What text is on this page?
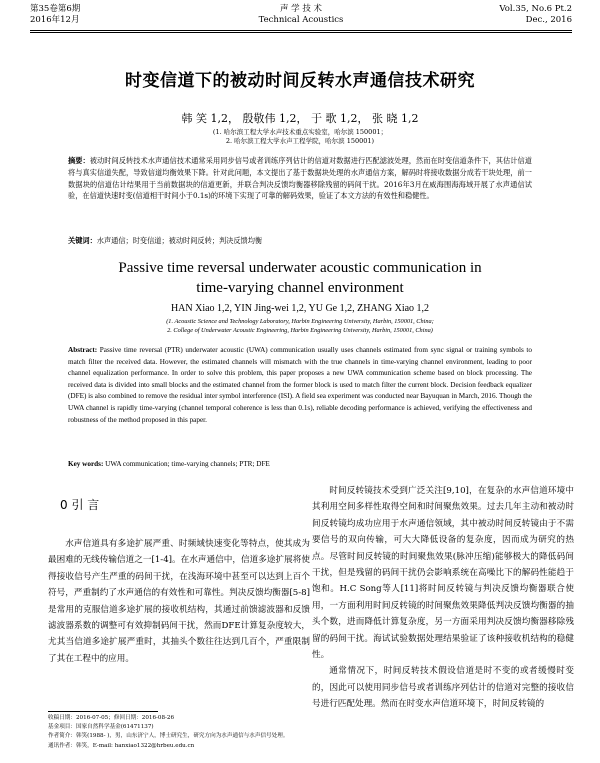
第35卷第6期
2016年12月
声 学 技 术
Technical Acoustics
Vol.35, No.6 Pt.2
Dec., 2016
时变信道下的被动时间反转水声通信技术研究
韩 笑 1,2， 殷敬伟 1,2， 于 歌 1,2， 张 晓 1,2
(1. 哈尔滨工程大学水声技术重点实验室，哈尔滨 150001；
2. 哈尔滨工程大学水声工程学院，哈尔滨 150001)
摘要：被动时间反转技术水声通信技术通常采用同步信号或者训练序列估计的信道对数据进行匹配滤波处理，然而在时变信道条件下，其估计信道将与真实信道失配，导致信道均衡效果下降。针对此问题，本文提出了基于数据块处理的水声通信方案，解码时将接收数据分成若干块处理，前一数据块的信道估计结果用于当前数据块的信道更新，并联合判决反馈均衡器移除残留的码间干扰。2016年3月在威海围海海域开展了水声通信试验，在信道快速时变(信道相干时间小于0.1s)的环境下实现了可靠的解码效果，验证了本文方法的有效性和稳健性。
关键词：水声通信；时变信道；被动时间反转；判决反馈均衡
Passive time reversal underwater acoustic communication in
time-varying channel environment
HAN Xiao 1,2, YIN Jing-wei 1,2, YU Ge 1,2, ZHANG Xiao 1,2
(1. Acoustic Science and Technology Laboratory, Harbin Engineering University, Harbin, 150001, China;
2. College of Underwater Acoustic Engineering, Harbin Engineering University, Harbin, 150001, China)
Abstract: Passive time reversal (PTR) underwater acoustic (UWA) communication usually uses channels estimated from sync signal or training symbols to match filter the received data. However, the estimated channels will mismatch with the true channels in time-varying channel environment, leading to poor channel equalization performance. In order to solve this problem, this paper proposes a new UWA communication scheme based on block processing. The received data is divided into small blocks and the estimated channel from the former block is used to match filter the current block. Decision feedback equalizer (DFE) is also combined to remove the residual inter symbol interference (ISI). A field sea experiment was conducted near Bayuquan in March, 2016. Though the UWA channel is rapidly time-varying (channel temporal coherence is less than 0.1s), reliable decoding performance is achieved, verifying the effectiveness and robustness of the method proposed in this paper.
Key words: UWA communication; time-varying channels; PTR; DFE
0 引 言

水声信道具有多途扩展严重、时频域快速变化等特点，使其成为最困难的无线传输信道之一[1-4]。在水声通信中，信道多途扩展将使得接收信号产生严重的码间干扰，在浅海环境中甚至可以达到上百个符号，严重制约了水声通信的有效性和可靠性。判决反馈均衡器[5-8]是常用的克服信道多途扩展的接收机结构，其通过前馈滤波器和反馈滤波器系数的调整可有效抑制码间干扰，然而DFE计算复杂度较大，尤其当信道多途扩展严重时，其抽头个数往往达到几百个，严重限制了其在工程中的应用。

时间反转镜技术受到广泛关注[9,10]，在复杂的水声信道环境中其利用空间多样性取得空间和时间聚焦效果。过去几年主动和被动时间反转镜均成功应用于水声通信领域，其中被动时间反转镜由于不需要信号的双向传输，可大大降低设备的复杂度，因而成为研究的热点。尽管时间反转镜的时间聚焦效果(脉冲压缩)能够极大的降低码间干扰，但是残留的码间干扰仍会影响系统在高噪比下的解码性能趋于饱和。H.C Song等人[11]将时间反转镜与判决反馈均衡器联合使用，一方面利用时间反转镜的时间聚焦效果降低判决反馈均衡器的抽头个数，进而降低计算复杂度，另一方面采用判决反馈均衡器移除残留的码间干扰。海试试验数据处理结果验证了该种接收机结构的稳健性。

通常情况下，时间反转技术假设信道是时不变的或者缓慢时变的，因此可以使用同步信号或者训练序列估计的信道对完整的接收信号进行匹配处理。然而在时变水声信道环境下，时间反转镜的

收稿日期：2016-07-05；修回日期：2016-08-26
基金项目：国家自然科学基金(61471137)
作者简介：韩笑(1988- )，男，山东济宁人，博士研究生，研究方向为水声通信与水声信号处理。
通讯作者：韩笑，E-mail: hanxiao1322@hrbeu.edu.cn
